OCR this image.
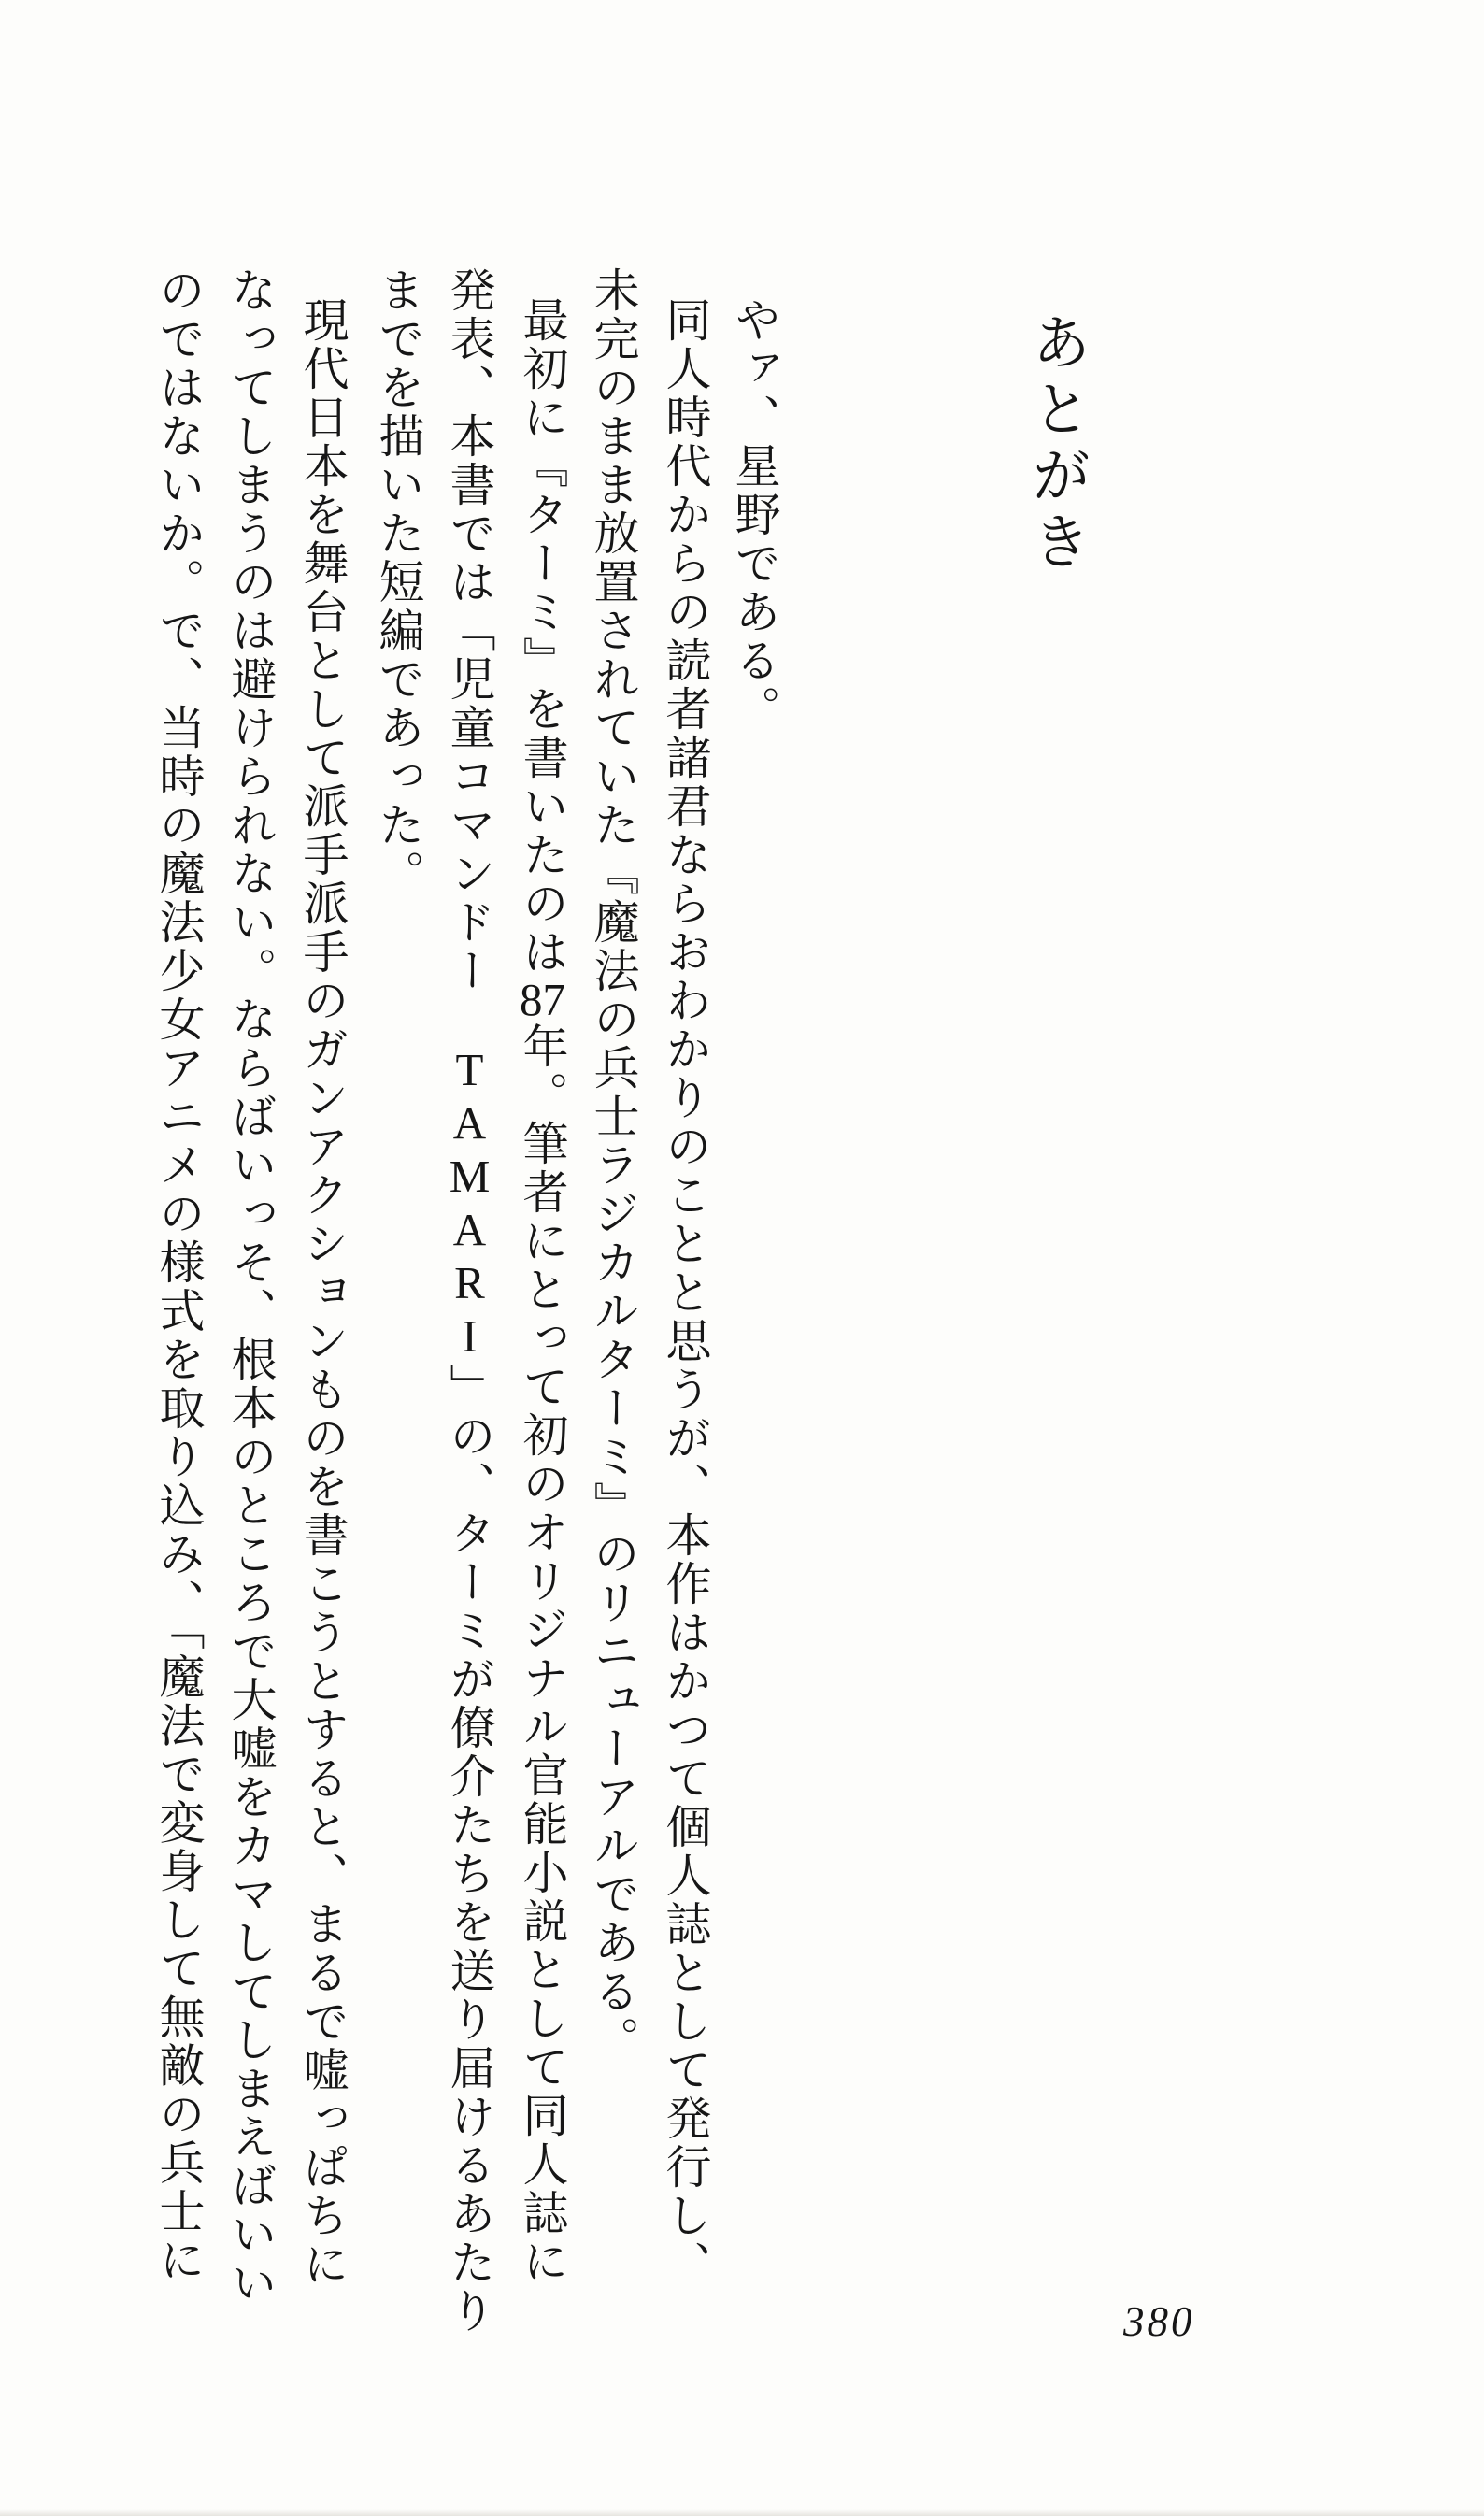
あとがき
やァ、星野である。
同人時代からの読者諸君ならおわかりのことと思うが、本作はかつて個人誌として発行し、
未完のまま放置されていた『魔法の兵士ラジカルターミ』のリニューアルである。
最初に『ターミ』を書いたのは87年。筆者にとって初のオリジナル官能小説として同人誌に
発表、本書では「児童コマンドー　TAMARI」の、ターミが僚介たちを送り届けるあたり
までを描いた短編であった。
現代日本を舞台として派手派手のガンアクションものを書こうとすると、まるで嘘っぱちに
なってしまうのは避けられない。ならばいっそ、根本のところで大嘘をカマしてしまえばいい
のではないか。で、当時の魔法少女アニメの様式を取り込み、「魔法で変身して無敵の兵士に
380
